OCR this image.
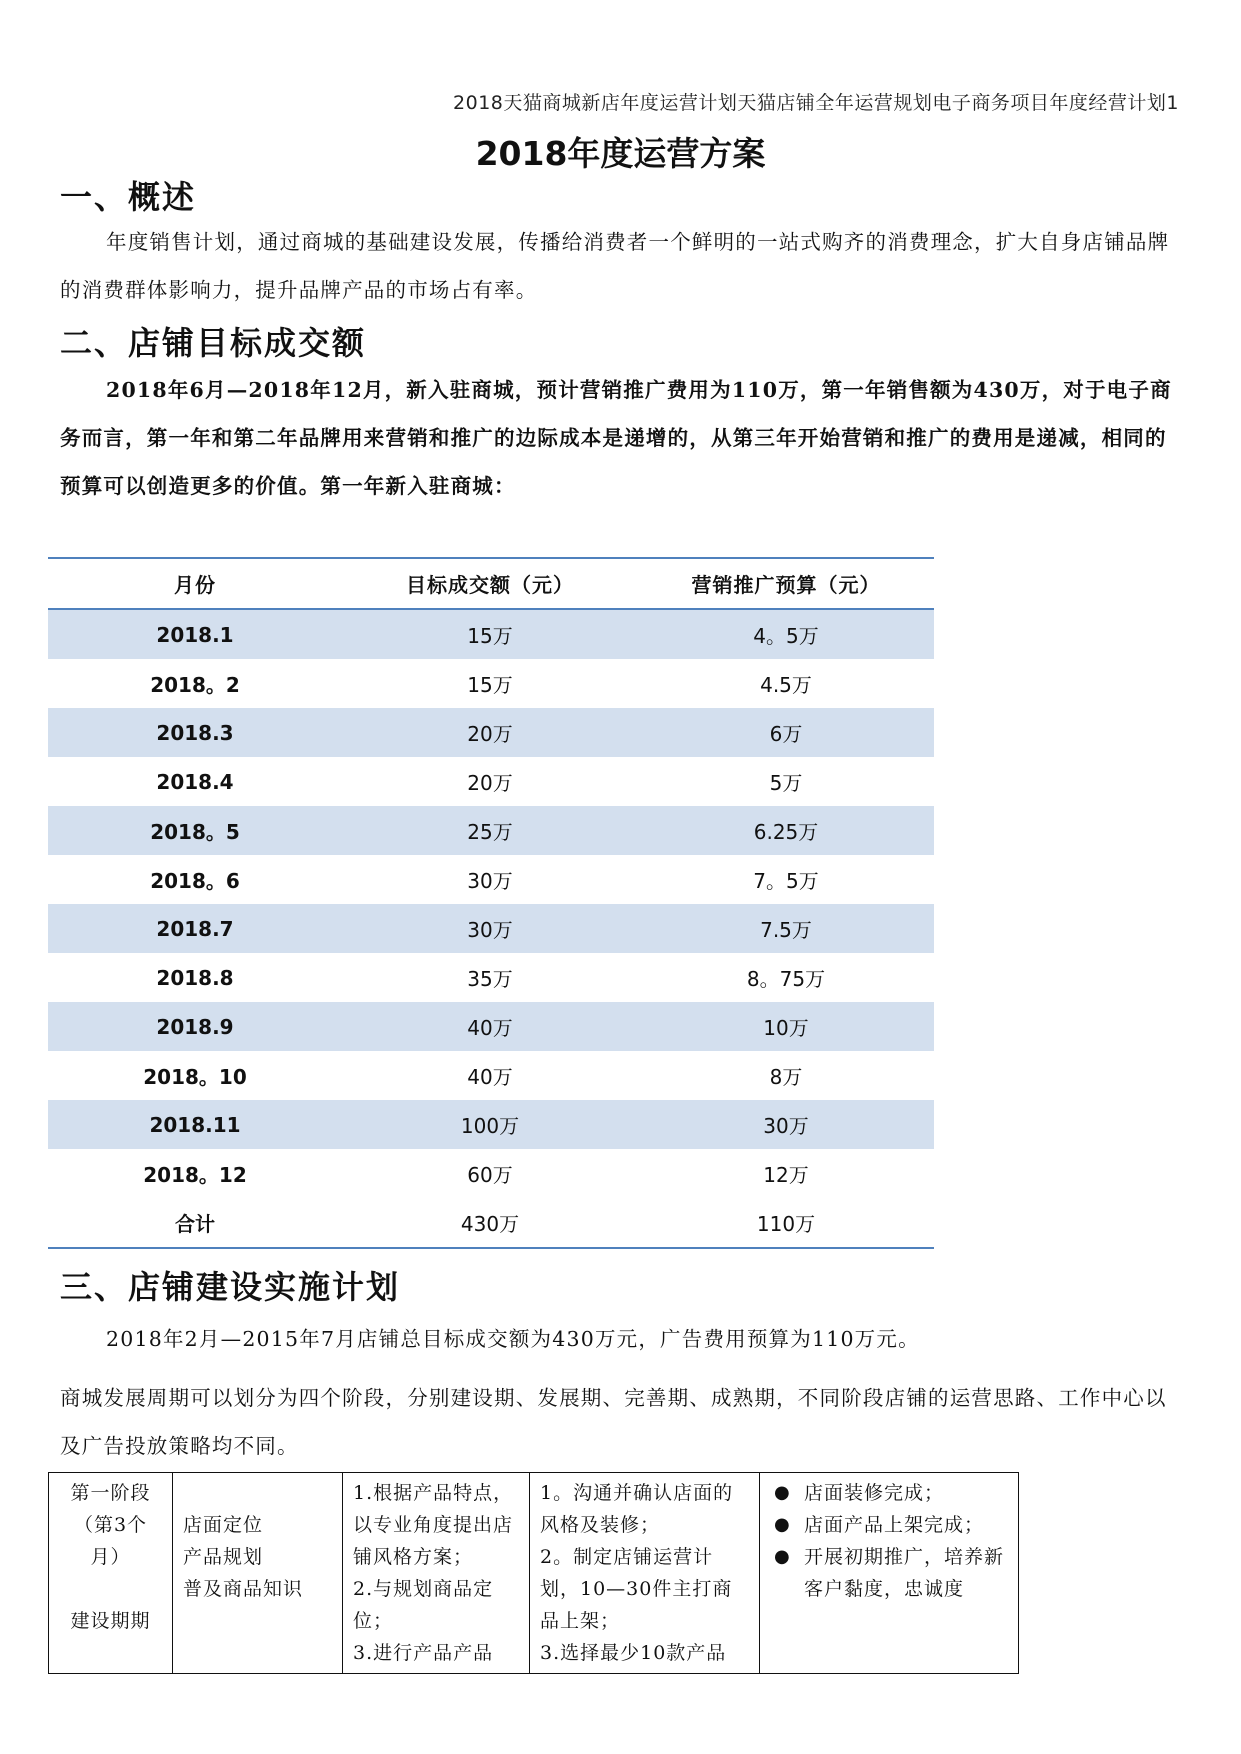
2018天猫商城新店年度运营计划天猫店铺全年运营规划电子商务项目年度经营计划1
2018年度运营方案
一、概述
年度销售计划，通过商城的基础建设发展，传播给消费者一个鲜明的一站式购齐的消费理念，扩大自身店铺品牌的消费群体影响力，提升品牌产品的市场占有率。
二、店铺目标成交额
2018年6月—2018年12月，新入驻商城，预计营销推广费用为110万，第一年销售额为430万，对于电子商务而言，第一年和第二年品牌用来营销和推广的边际成本是递增的，从第三年开始营销和推广的费用是递减，相同的预算可以创造更多的价值。第一年新入驻商城：
月份	目标成交额（元）	营销推广预算（元）
2018.1	15万	4。5万
2018。2	15万	4.5万
2018.3	20万	6万
2018.4	20万	5万
2018。5	25万	6.25万
2018。6	30万	7。5万
2018.7	30万	7.5万
2018.8	35万	8。75万
2018.9	40万	10万
2018。10	40万	8万
2018.11	100万	30万
2018。12	60万	12万
合计	430万	110万
三、店铺建设实施计划
2018年2月—2015年7月店铺总目标成交额为430万元，广告费用预算为110万元。
商城发展周期可以划分为四个阶段，分别建设期、发展期、完善期、成熟期，不同阶段店铺的运营思路、工作中心以及广告投放策略均不同。
第一阶段（第3个月）
建设期期

店面定位
产品规划
普及商品知识

1.根据产品特点，以专业角度提出店铺风格方案；
2.与规划商品定位；
3.进行产品产品

1。沟通并确认店面的风格及装修；
2。制定店铺运营计划，10—30件主打商品上架；
3.选择最少10款产品

● 店面装修完成；
● 店面产品上架完成；
● 开展初期推广，培养新客户黏度，忠诚度
